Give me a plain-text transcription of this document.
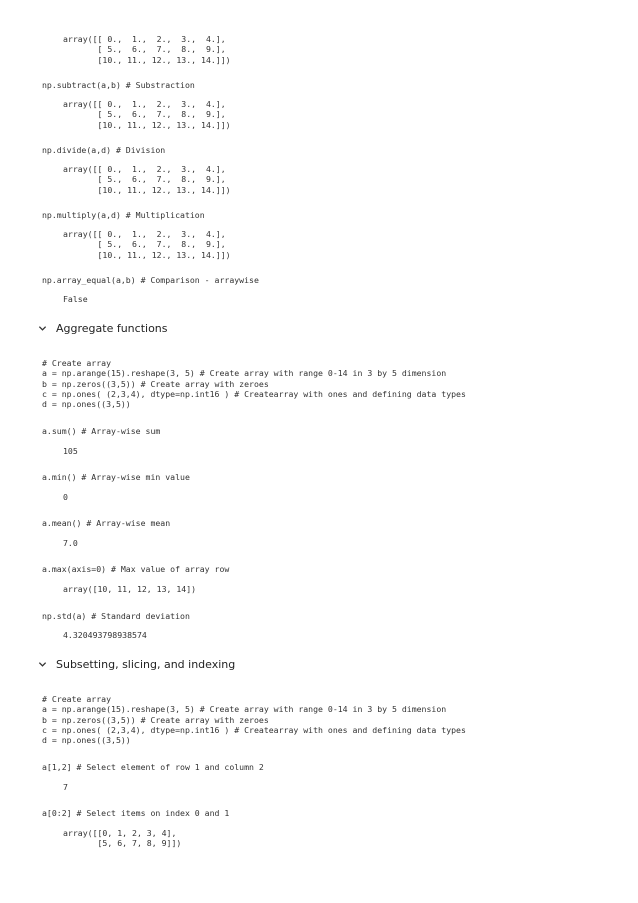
array([[ 0.,  1.,  2.,  3.,  4.],
[ 5.,  6.,  7.,  8.,  9.],
[10., 11., 12., 13., 14.]])
np.subtract(a,b) # Substraction
array([[ 0.,  1.,  2.,  3.,  4.],
[ 5.,  6.,  7.,  8.,  9.],
[10., 11., 12., 13., 14.]])
np.divide(a,d) # Division
array([[ 0.,  1.,  2.,  3.,  4.],
[ 5.,  6.,  7.,  8.,  9.],
[10., 11., 12., 13., 14.]])
np.multiply(a,d) # Multiplication
array([[ 0.,  1.,  2.,  3.,  4.],
[ 5.,  6.,  7.,  8.,  9.],
[10., 11., 12., 13., 14.]])
np.array_equal(a,b) # Comparison - arraywise
False
Aggregate functions
# Create array
a = np.arange(15).reshape(3, 5) # Create array with range 0-14 in 3 by 5 dimension
b = np.zeros((3,5)) # Create array with zeroes
c = np.ones( (2,3,4), dtype=np.int16 ) # Createarray with ones and defining data types
d = np.ones((3,5))
a.sum() # Array-wise sum
105
a.min() # Array-wise min value
0
a.mean() # Array-wise mean
7.0
a.max(axis=0) # Max value of array row
array([10, 11, 12, 13, 14])
np.std(a) # Standard deviation
4.320493798938574
Subsetting, slicing, and indexing
# Create array
a = np.arange(15).reshape(3, 5) # Create array with range 0-14 in 3 by 5 dimension
b = np.zeros((3,5)) # Create array with zeroes
c = np.ones( (2,3,4), dtype=np.int16 ) # Createarray with ones and defining data types
d = np.ones((3,5))
a[1,2] # Select element of row 1 and column 2
7
a[0:2] # Select items on index 0 and 1
array([[0, 1, 2, 3, 4],
[5, 6, 7, 8, 9]])
